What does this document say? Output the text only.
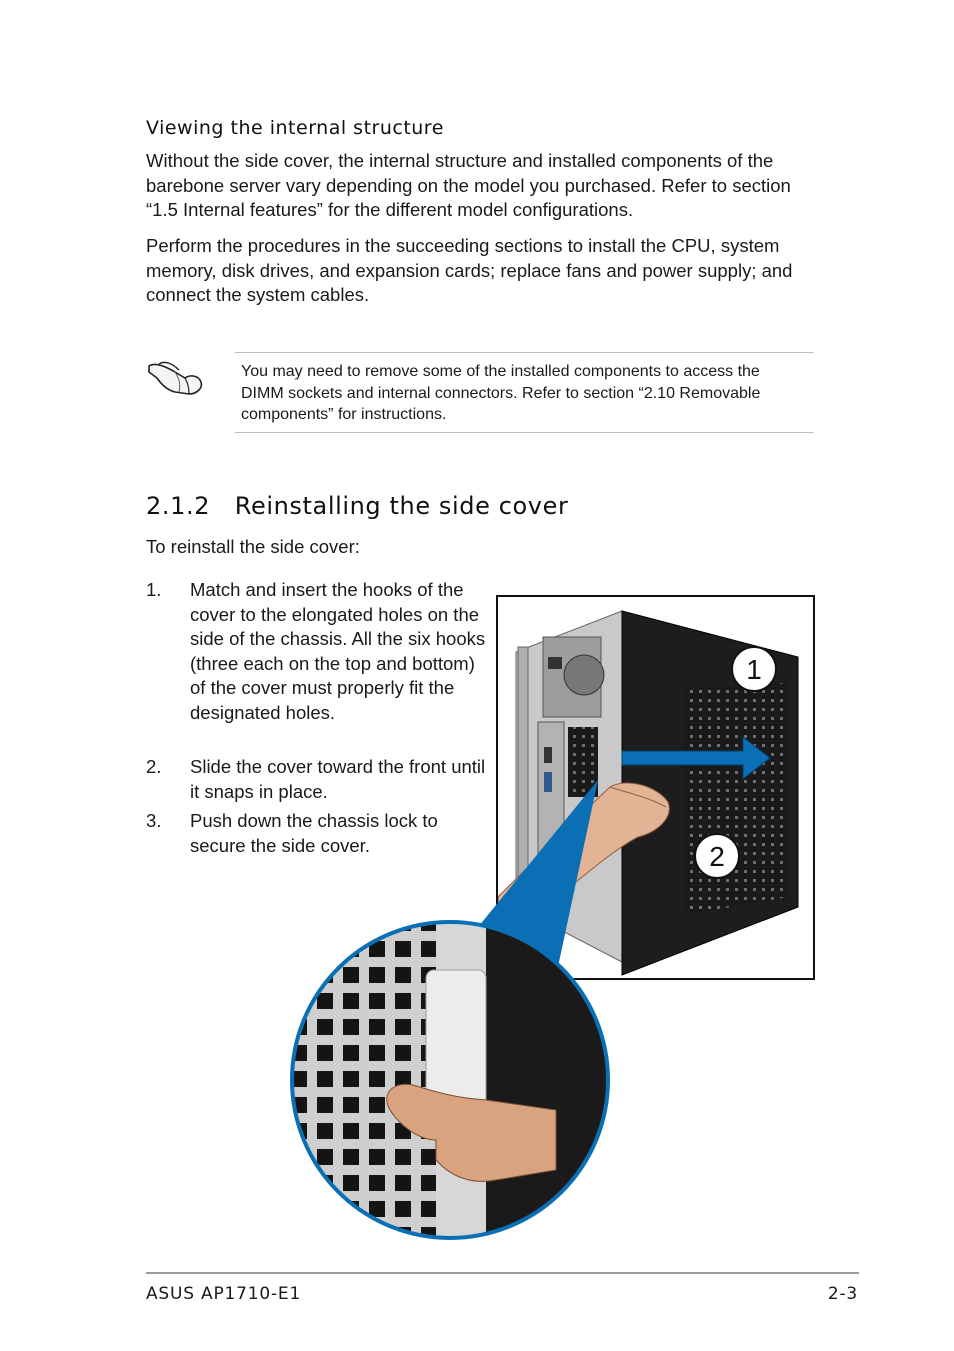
Viewing the internal structure
Without the side cover, the internal structure and installed components of the barebone server vary depending on the model you purchased. Refer to section “1.5 Internal features” for the different model configurations.
Perform the procedures in the succeeding sections to install the CPU, system memory, disk drives, and expansion cards; replace fans and power supply; and connect the system cables.
You may need to remove some of the installed components to access the DIMM sockets and internal connectors. Refer to section “2.10 Removable components” for instructions.
2.1.2   Reinstalling the side cover
To reinstall the side cover:
1. Match and insert the hooks of the cover to the elongated holes on the side of the chassis. All the six hooks (three each on the top and bottom) of the cover must properly fit the designated holes.
2. Slide the cover toward the front until it snaps in place.
3. Push down the chassis lock to secure the side cover.
1
2
ASUS AP1710-E1	2-3
